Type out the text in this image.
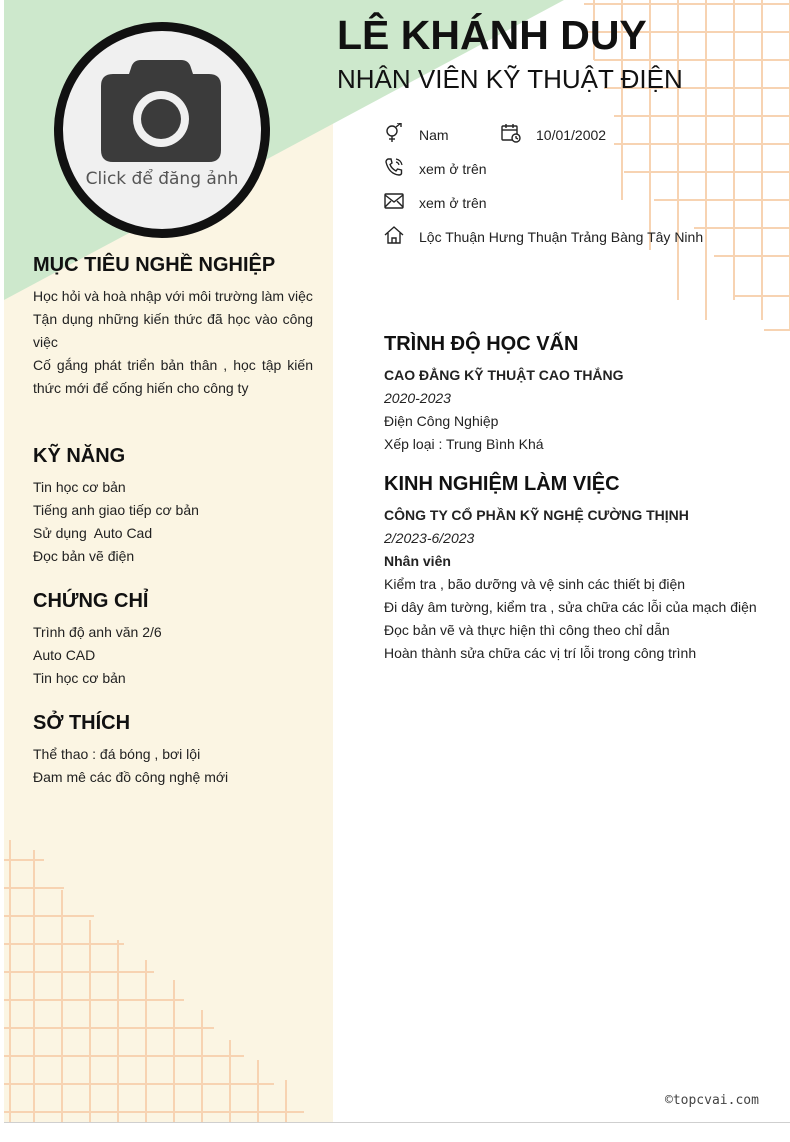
Click để đăng ảnh
LÊ KHÁNH DUY
NHÂN VIÊN KỸ THUẬT ĐIỆN
Nam	10/01/2002
xem ở trên
xem ở trên
Lộc Thuận Hưng Thuận Trảng Bàng Tây Ninh
MỤC TIÊU NGHỀ NGHIỆP
Học hỏi và hoà nhập với môi trường làm việc
Tận dụng những kiến thức đã học vào công việc
Cố gắng phát triển bản thân , học tập kiến thức mới để cống hiến cho công ty
KỸ NĂNG
Tin học cơ bản
Tiếng anh giao tiếp cơ bản
Sử dụng  Auto Cad
Đọc bản vẽ điện
CHỨNG CHỈ
Trình độ anh văn 2/6
Auto CAD
Tin học cơ bản
SỞ THÍCH
Thể thao : đá bóng , bơi lội
Đam mê các đồ công nghệ mới
TRÌNH ĐỘ HỌC VẤN
CAO ĐẲNG KỸ THUẬT CAO THẮNG
2020-2023
Điện Công Nghiệp
Xếp loại : Trung Bình Khá
KINH NGHIỆM LÀM VIỆC
CÔNG TY CỔ PHẦN KỸ NGHỆ CƯỜNG THỊNH
2/2023-6/2023
Nhân viên
Kiểm tra , bão dưỡng và vệ sinh các thiết bị điện
Đi dây âm tường, kiểm tra , sửa chữa các lỗi của mạch điện
Đọc bản vẽ và thực hiện thì công theo chỉ dẫn
Hoàn thành sửa chữa các vị trí lỗi trong công trình
©topcvai.com
